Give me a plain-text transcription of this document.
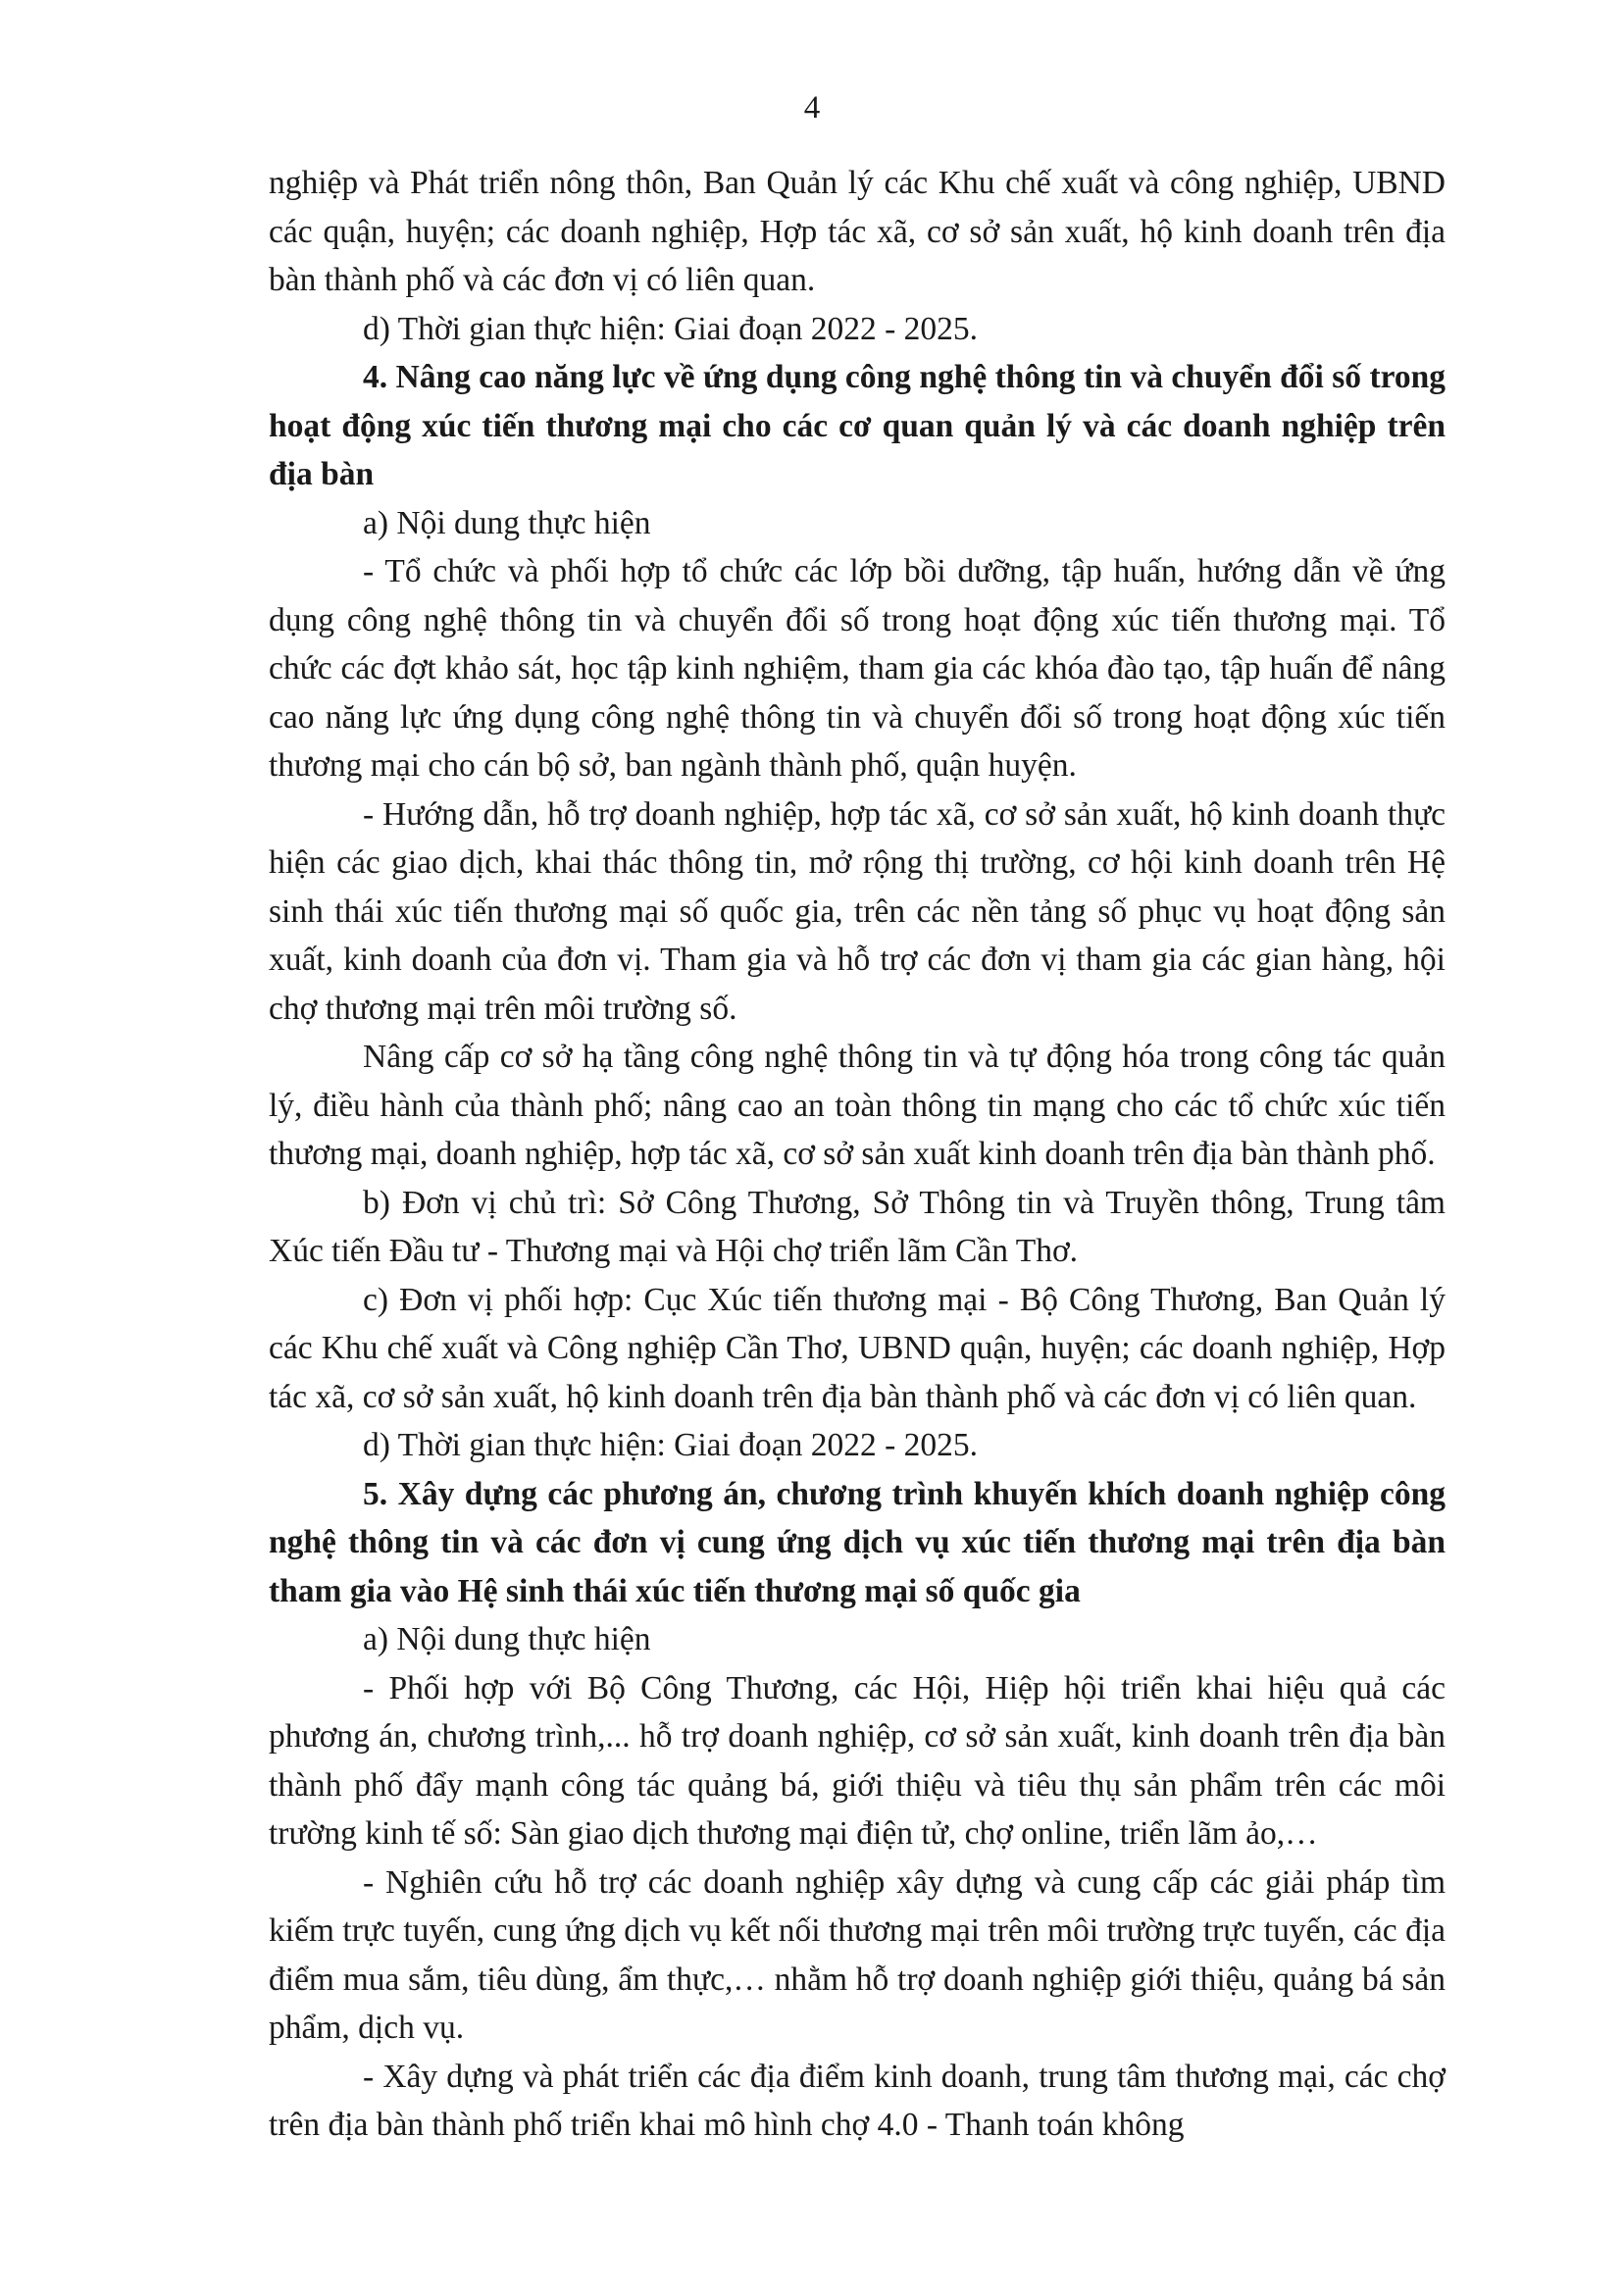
4

nghiệp và Phát triển nông thôn, Ban Quản lý các Khu chế xuất và công nghiệp, UBND các quận, huyện; các doanh nghiệp, Hợp tác xã, cơ sở sản xuất, hộ kinh doanh trên địa bàn thành phố và các đơn vị có liên quan.

d) Thời gian thực hiện: Giai đoạn 2022 - 2025.

4. Nâng cao năng lực về ứng dụng công nghệ thông tin và chuyển đổi số trong hoạt động xúc tiến thương mại cho các cơ quan quản lý và các doanh nghiệp trên địa bàn

a) Nội dung thực hiện

- Tổ chức và phối hợp tổ chức các lớp bồi dưỡng, tập huấn, hướng dẫn về ứng dụng công nghệ thông tin và chuyển đổi số trong hoạt động xúc tiến thương mại. Tổ chức các đợt khảo sát, học tập kinh nghiệm, tham gia các khóa đào tạo, tập huấn để nâng cao năng lực ứng dụng công nghệ thông tin và chuyển đổi số trong hoạt động xúc tiến thương mại cho cán bộ sở, ban ngành thành phố, quận huyện.

- Hướng dẫn, hỗ trợ doanh nghiệp, hợp tác xã, cơ sở sản xuất, hộ kinh doanh thực hiện các giao dịch, khai thác thông tin, mở rộng thị trường, cơ hội kinh doanh trên Hệ sinh thái xúc tiến thương mại số quốc gia, trên các nền tảng số phục vụ hoạt động sản xuất, kinh doanh của đơn vị. Tham gia và hỗ trợ các đơn vị tham gia các gian hàng, hội chợ thương mại trên môi trường số.

Nâng cấp cơ sở hạ tầng công nghệ thông tin và tự động hóa trong công tác quản lý, điều hành của thành phố; nâng cao an toàn thông tin mạng cho các tổ chức xúc tiến thương mại, doanh nghiệp, hợp tác xã, cơ sở sản xuất kinh doanh trên địa bàn thành phố.

b) Đơn vị chủ trì: Sở Công Thương, Sở Thông tin và Truyền thông, Trung tâm Xúc tiến Đầu tư - Thương mại và Hội chợ triển lãm Cần Thơ.

c) Đơn vị phối hợp: Cục Xúc tiến thương mại - Bộ Công Thương, Ban Quản lý các Khu chế xuất và Công nghiệp Cần Thơ, UBND quận, huyện; các doanh nghiệp, Hợp tác xã, cơ sở sản xuất, hộ kinh doanh trên địa bàn thành phố và các đơn vị có liên quan.

d) Thời gian thực hiện: Giai đoạn 2022 - 2025.

5. Xây dựng các phương án, chương trình khuyến khích doanh nghiệp công nghệ thông tin và các đơn vị cung ứng dịch vụ xúc tiến thương mại trên địa bàn tham gia vào Hệ sinh thái xúc tiến thương mại số quốc gia

a) Nội dung thực hiện

- Phối hợp với Bộ Công Thương, các Hội, Hiệp hội triển khai hiệu quả các phương án, chương trình,... hỗ trợ doanh nghiệp, cơ sở sản xuất, kinh doanh trên địa bàn thành phố đẩy mạnh công tác quảng bá, giới thiệu và tiêu thụ sản phẩm trên các môi trường kinh tế số: Sàn giao dịch thương mại điện tử, chợ online, triển lãm ảo,…

- Nghiên cứu hỗ trợ các doanh nghiệp xây dựng và cung cấp các giải pháp tìm kiếm trực tuyến, cung ứng dịch vụ kết nối thương mại trên môi trường trực tuyến, các địa điểm mua sắm, tiêu dùng, ẩm thực,… nhằm hỗ trợ doanh nghiệp giới thiệu, quảng bá sản phẩm, dịch vụ.

- Xây dựng và phát triển các địa điểm kinh doanh, trung tâm thương mại, các chợ trên địa bàn thành phố triển khai mô hình chợ 4.0 - Thanh toán không
